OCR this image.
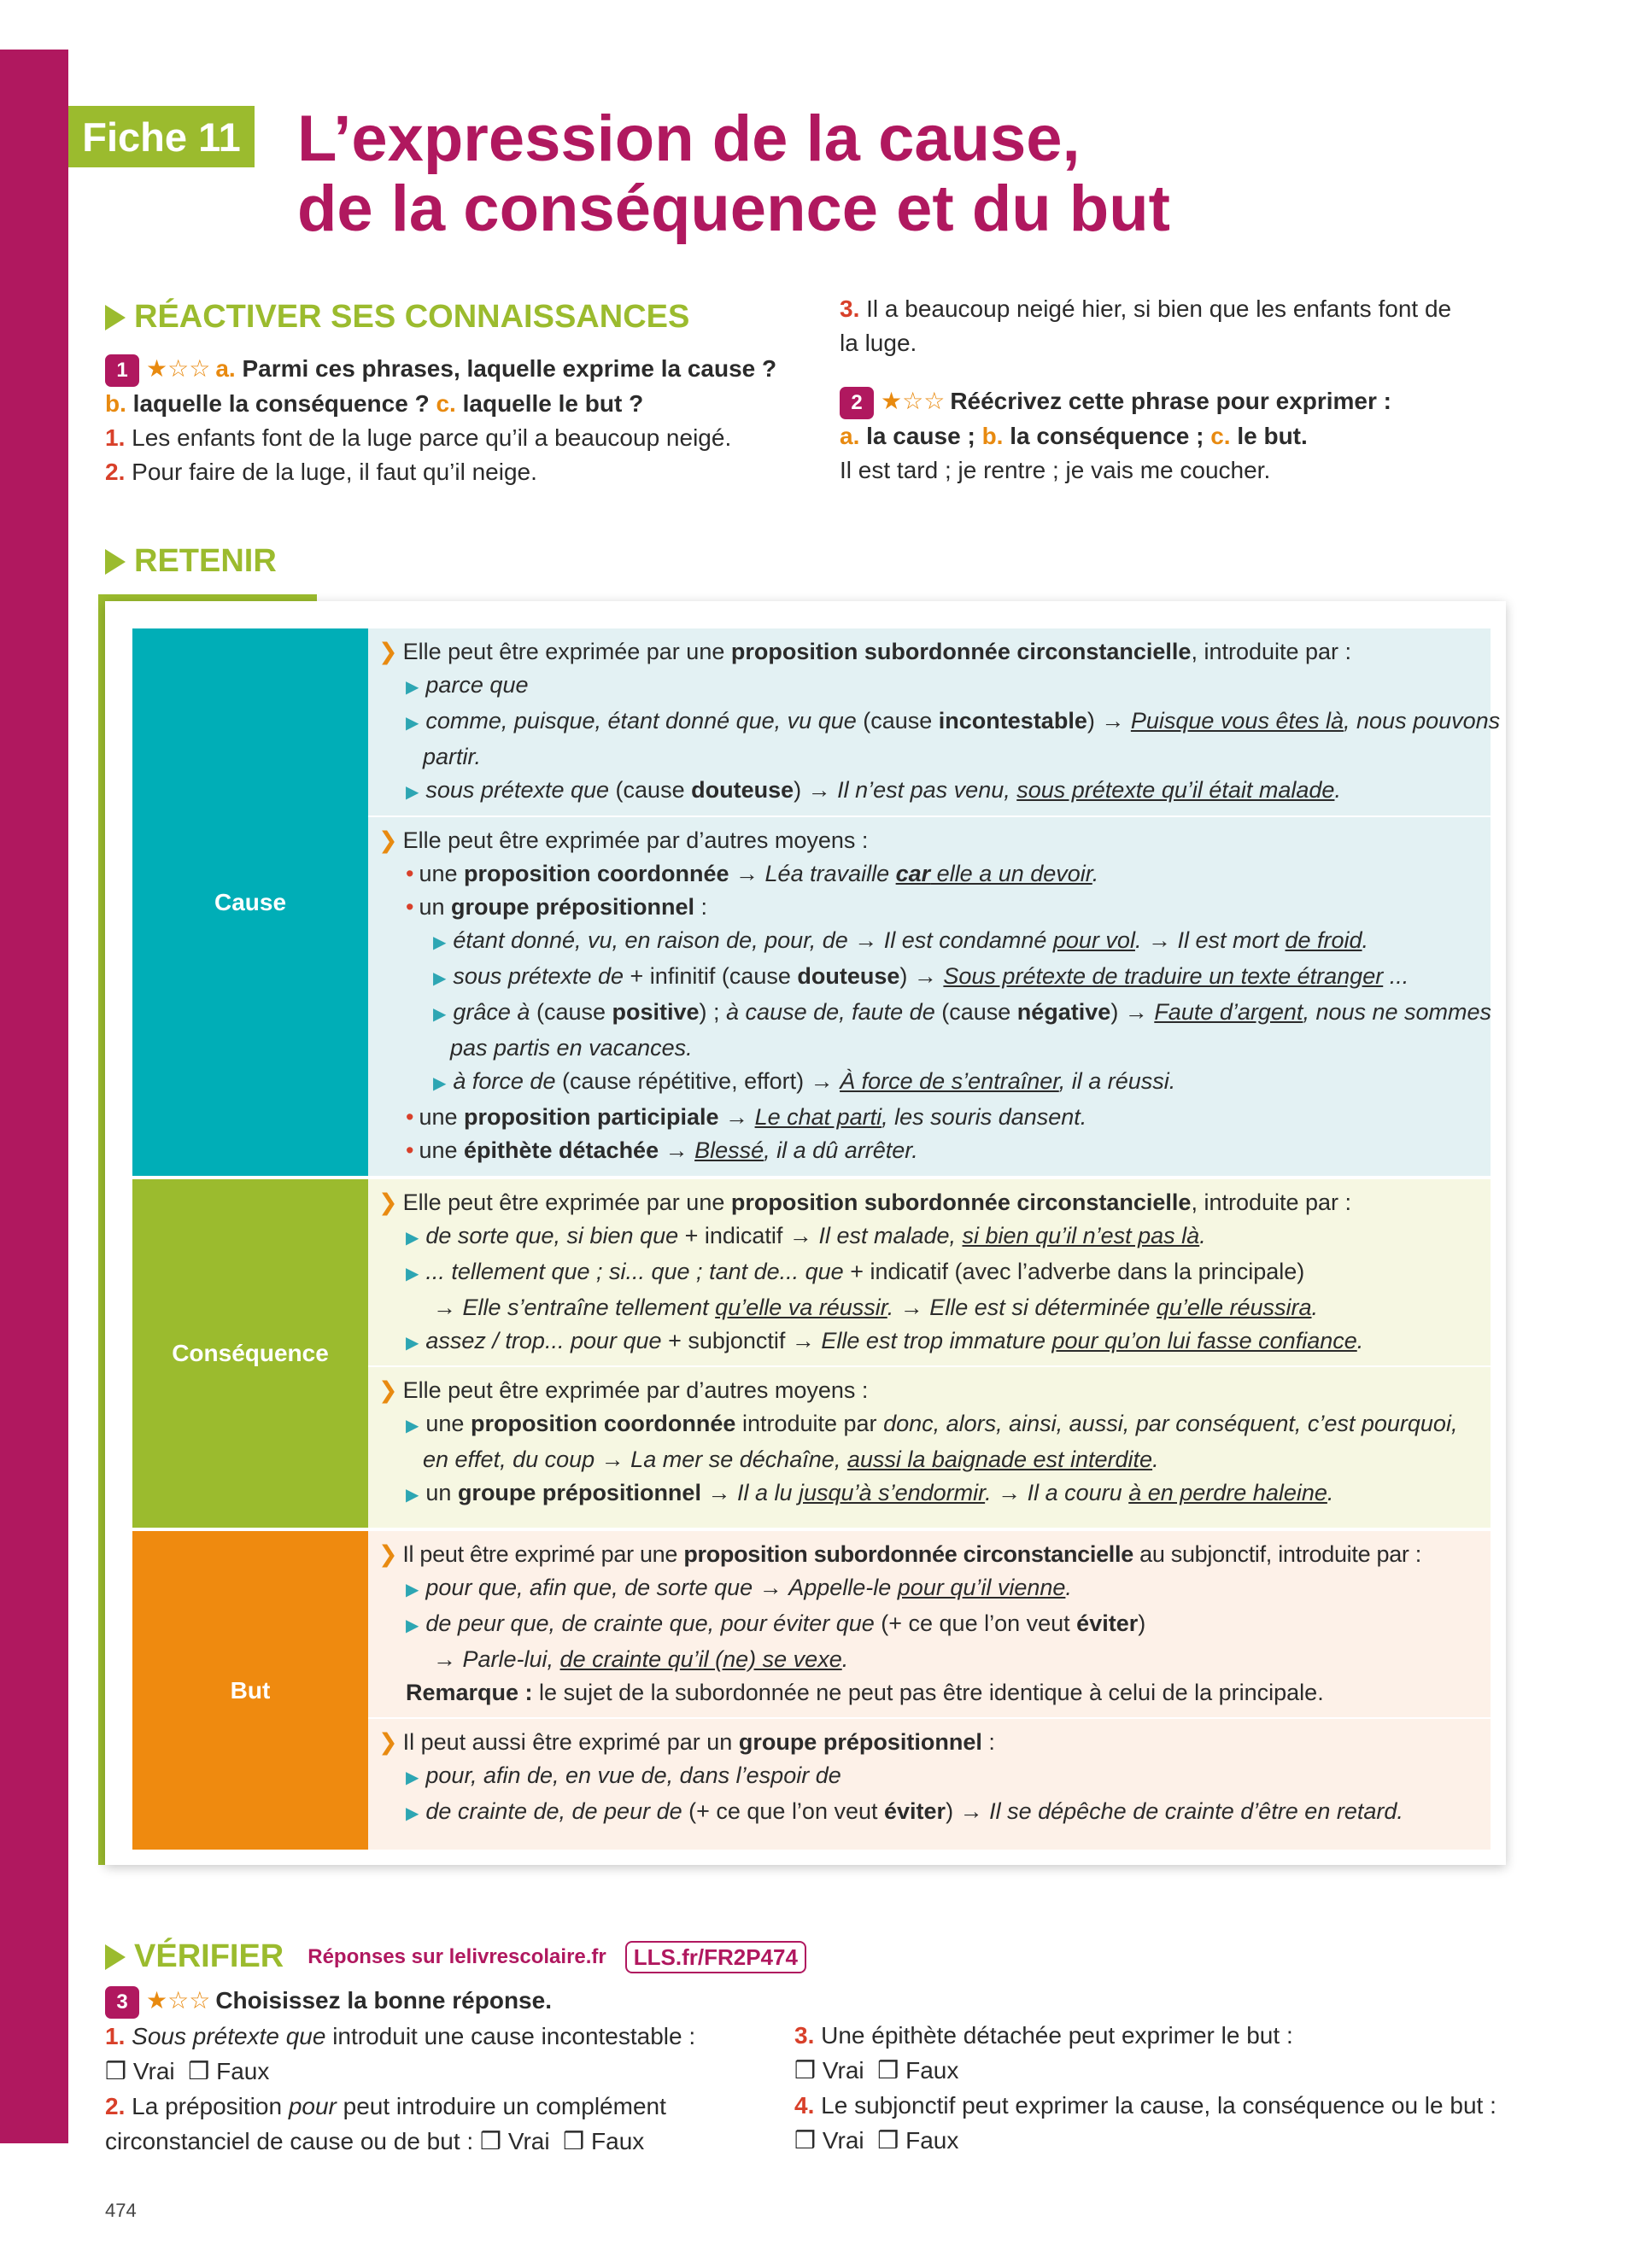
Fiche 11 L’expression de la cause,
de la conséquence et du but
RÉACTIVER SES CONNAISSANCES
1 ★☆☆ a. Parmi ces phrases, laquelle exprime la cause ?
b. laquelle la conséquence ? c. laquelle le but ?
1. Les enfants font de la luge parce qu’il a beaucoup neigé.
2. Pour faire de la luge, il faut qu’il neige.
3. Il a beaucoup neigé hier, si bien que les enfants font de
la luge.
2 ★☆☆ Réécrivez cette phrase pour exprimer :
a. la cause ; b. la conséquence ; c. le but.
Il est tard ; je rentre ; je vais me coucher.
RETENIR
Cause
❯ Elle peut être exprimée par une proposition subordonnée circonstancielle, introduite par :
▶ parce que
▶ comme, puisque, étant donné que, vu que (cause incontestable) → Puisque vous êtes là, nous pouvons
partir.
▶ sous prétexte que (cause douteuse) → Il n’est pas venu, sous prétexte qu’il était malade.
❯ Elle peut être exprimée par d’autres moyens :
• une proposition coordonnée → Léa travaille car elle a un devoir.
• un groupe prépositionnel :
▶ étant donné, vu, en raison de, pour, de → Il est condamné pour vol. → Il est mort de froid.
▶ sous prétexte de + infinitif (cause douteuse) → Sous prétexte de traduire un texte étranger ...
▶ grâce à (cause positive) ; à cause de, faute de (cause négative) → Faute d’argent, nous ne sommes
pas partis en vacances.
▶ à force de (cause répétitive, effort) → À force de s’entraîner, il a réussi.
• une proposition participiale → Le chat parti, les souris dansent.
• une épithète détachée → Blessé, il a dû arrêter.
Conséquence
❯ Elle peut être exprimée par une proposition subordonnée circonstancielle, introduite par :
▶ de sorte que, si bien que + indicatif → Il est malade, si bien qu’il n’est pas là.
▶ ... tellement que ; si... que ; tant de... que + indicatif (avec l’adverbe dans la principale)
→ Elle s’entraîne tellement qu’elle va réussir. → Elle est si déterminée qu’elle réussira.
▶ assez / trop... pour que + subjonctif → Elle est trop immature pour qu’on lui fasse confiance.
❯ Elle peut être exprimée par d’autres moyens :
▶ une proposition coordonnée introduite par donc, alors, ainsi, aussi, par conséquent, c’est pourquoi,
en effet, du coup → La mer se déchaîne, aussi la baignade est interdite.
▶ un groupe prépositionnel → Il a lu jusqu’à s’endormir. → Il a couru à en perdre haleine.
But
❯ Il peut être exprimé par une proposition subordonnée circonstancielle au subjonctif, introduite par :
▶ pour que, afin que, de sorte que → Appelle-le pour qu’il vienne.
▶ de peur que, de crainte que, pour éviter que (+ ce que l’on veut éviter)
→ Parle-lui, de crainte qu’il (ne) se vexe.
Remarque : le sujet de la subordonnée ne peut pas être identique à celui de la principale.
❯ Il peut aussi être exprimé par un groupe prépositionnel :
▶ pour, afin de, en vue de, dans l’espoir de
▶ de crainte de, de peur de (+ ce que l’on veut éviter) → Il se dépêche de crainte d’être en retard.
VÉRIFIER Réponses sur lelivrescolaire.fr	LLS.fr/FR2P474
3 ★☆☆ Choisissez la bonne réponse.
1. Sous prétexte que introduit une cause incontestable :
❒ Vrai ❒ Faux
2. La préposition pour peut introduire un complément
circonstanciel de cause ou de but : ❒ Vrai ❒ Faux
3. Une épithète détachée peut exprimer le but :
❒ Vrai ❒ Faux
4. Le subjonctif peut exprimer la cause, la conséquence ou le but :
❒ Vrai ❒ Faux
474
